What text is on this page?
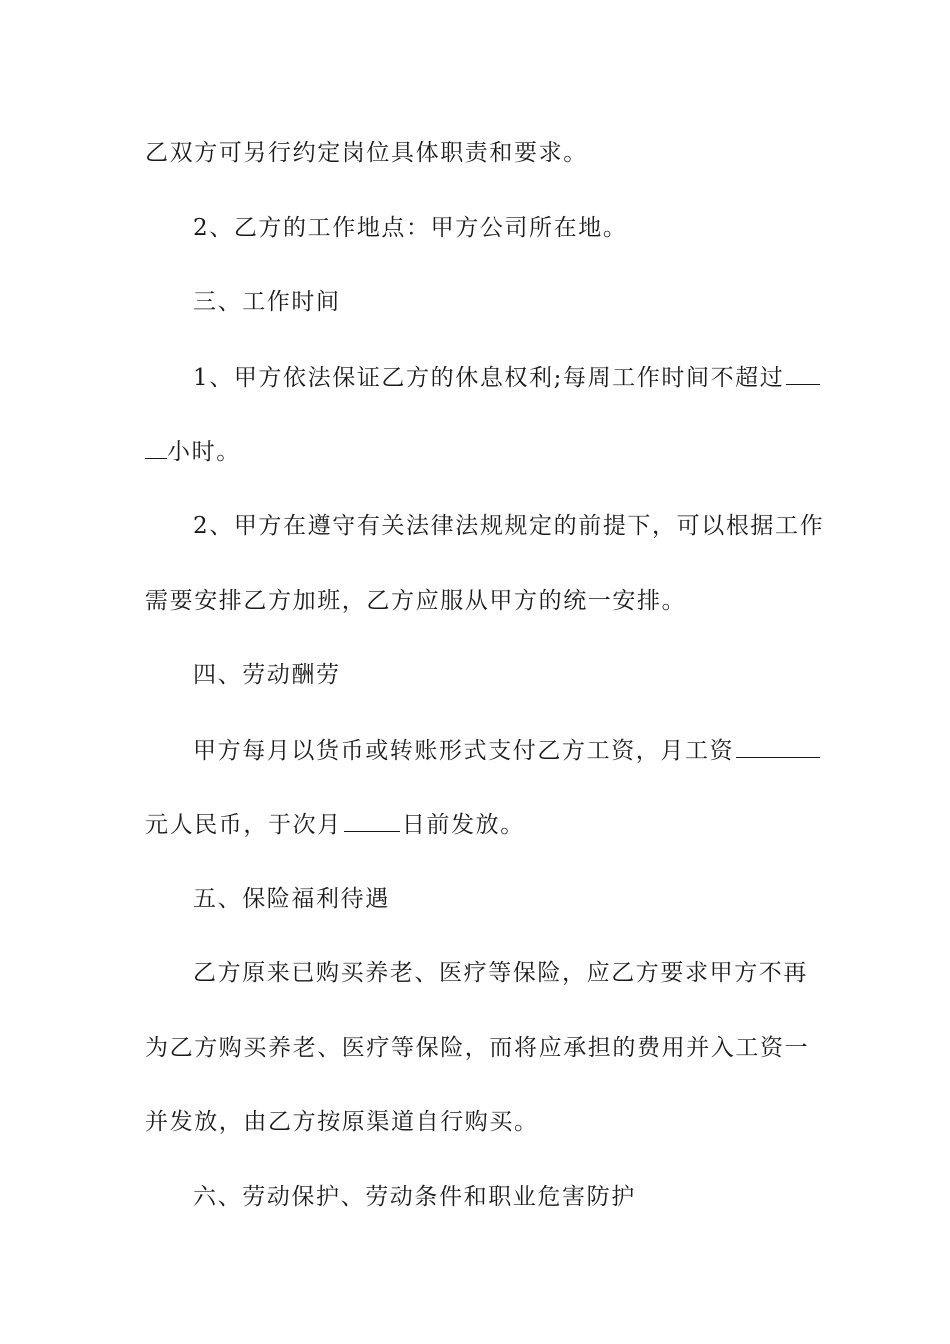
乙双方可另行约定岗位具体职责和要求。
2、乙方的工作地点：甲方公司所在地。
三、工作时间
1、甲方依法保证乙方的休息权利;每周工作时间不超过
小时。
2、甲方在遵守有关法律法规规定的前提下，可以根据工作
需要安排乙方加班，乙方应服从甲方的统一安排。
四、劳动酬劳
甲方每月以货币或转账形式支付乙方工资，月工资
元人民币，于次月	日前发放。
五、保险福利待遇
乙方原来已购买养老、医疗等保险，应乙方要求甲方不再
为乙方购买养老、医疗等保险，而将应承担的费用并入工资一
并发放，由乙方按原渠道自行购买。
六、劳动保护、劳动条件和职业危害防护
